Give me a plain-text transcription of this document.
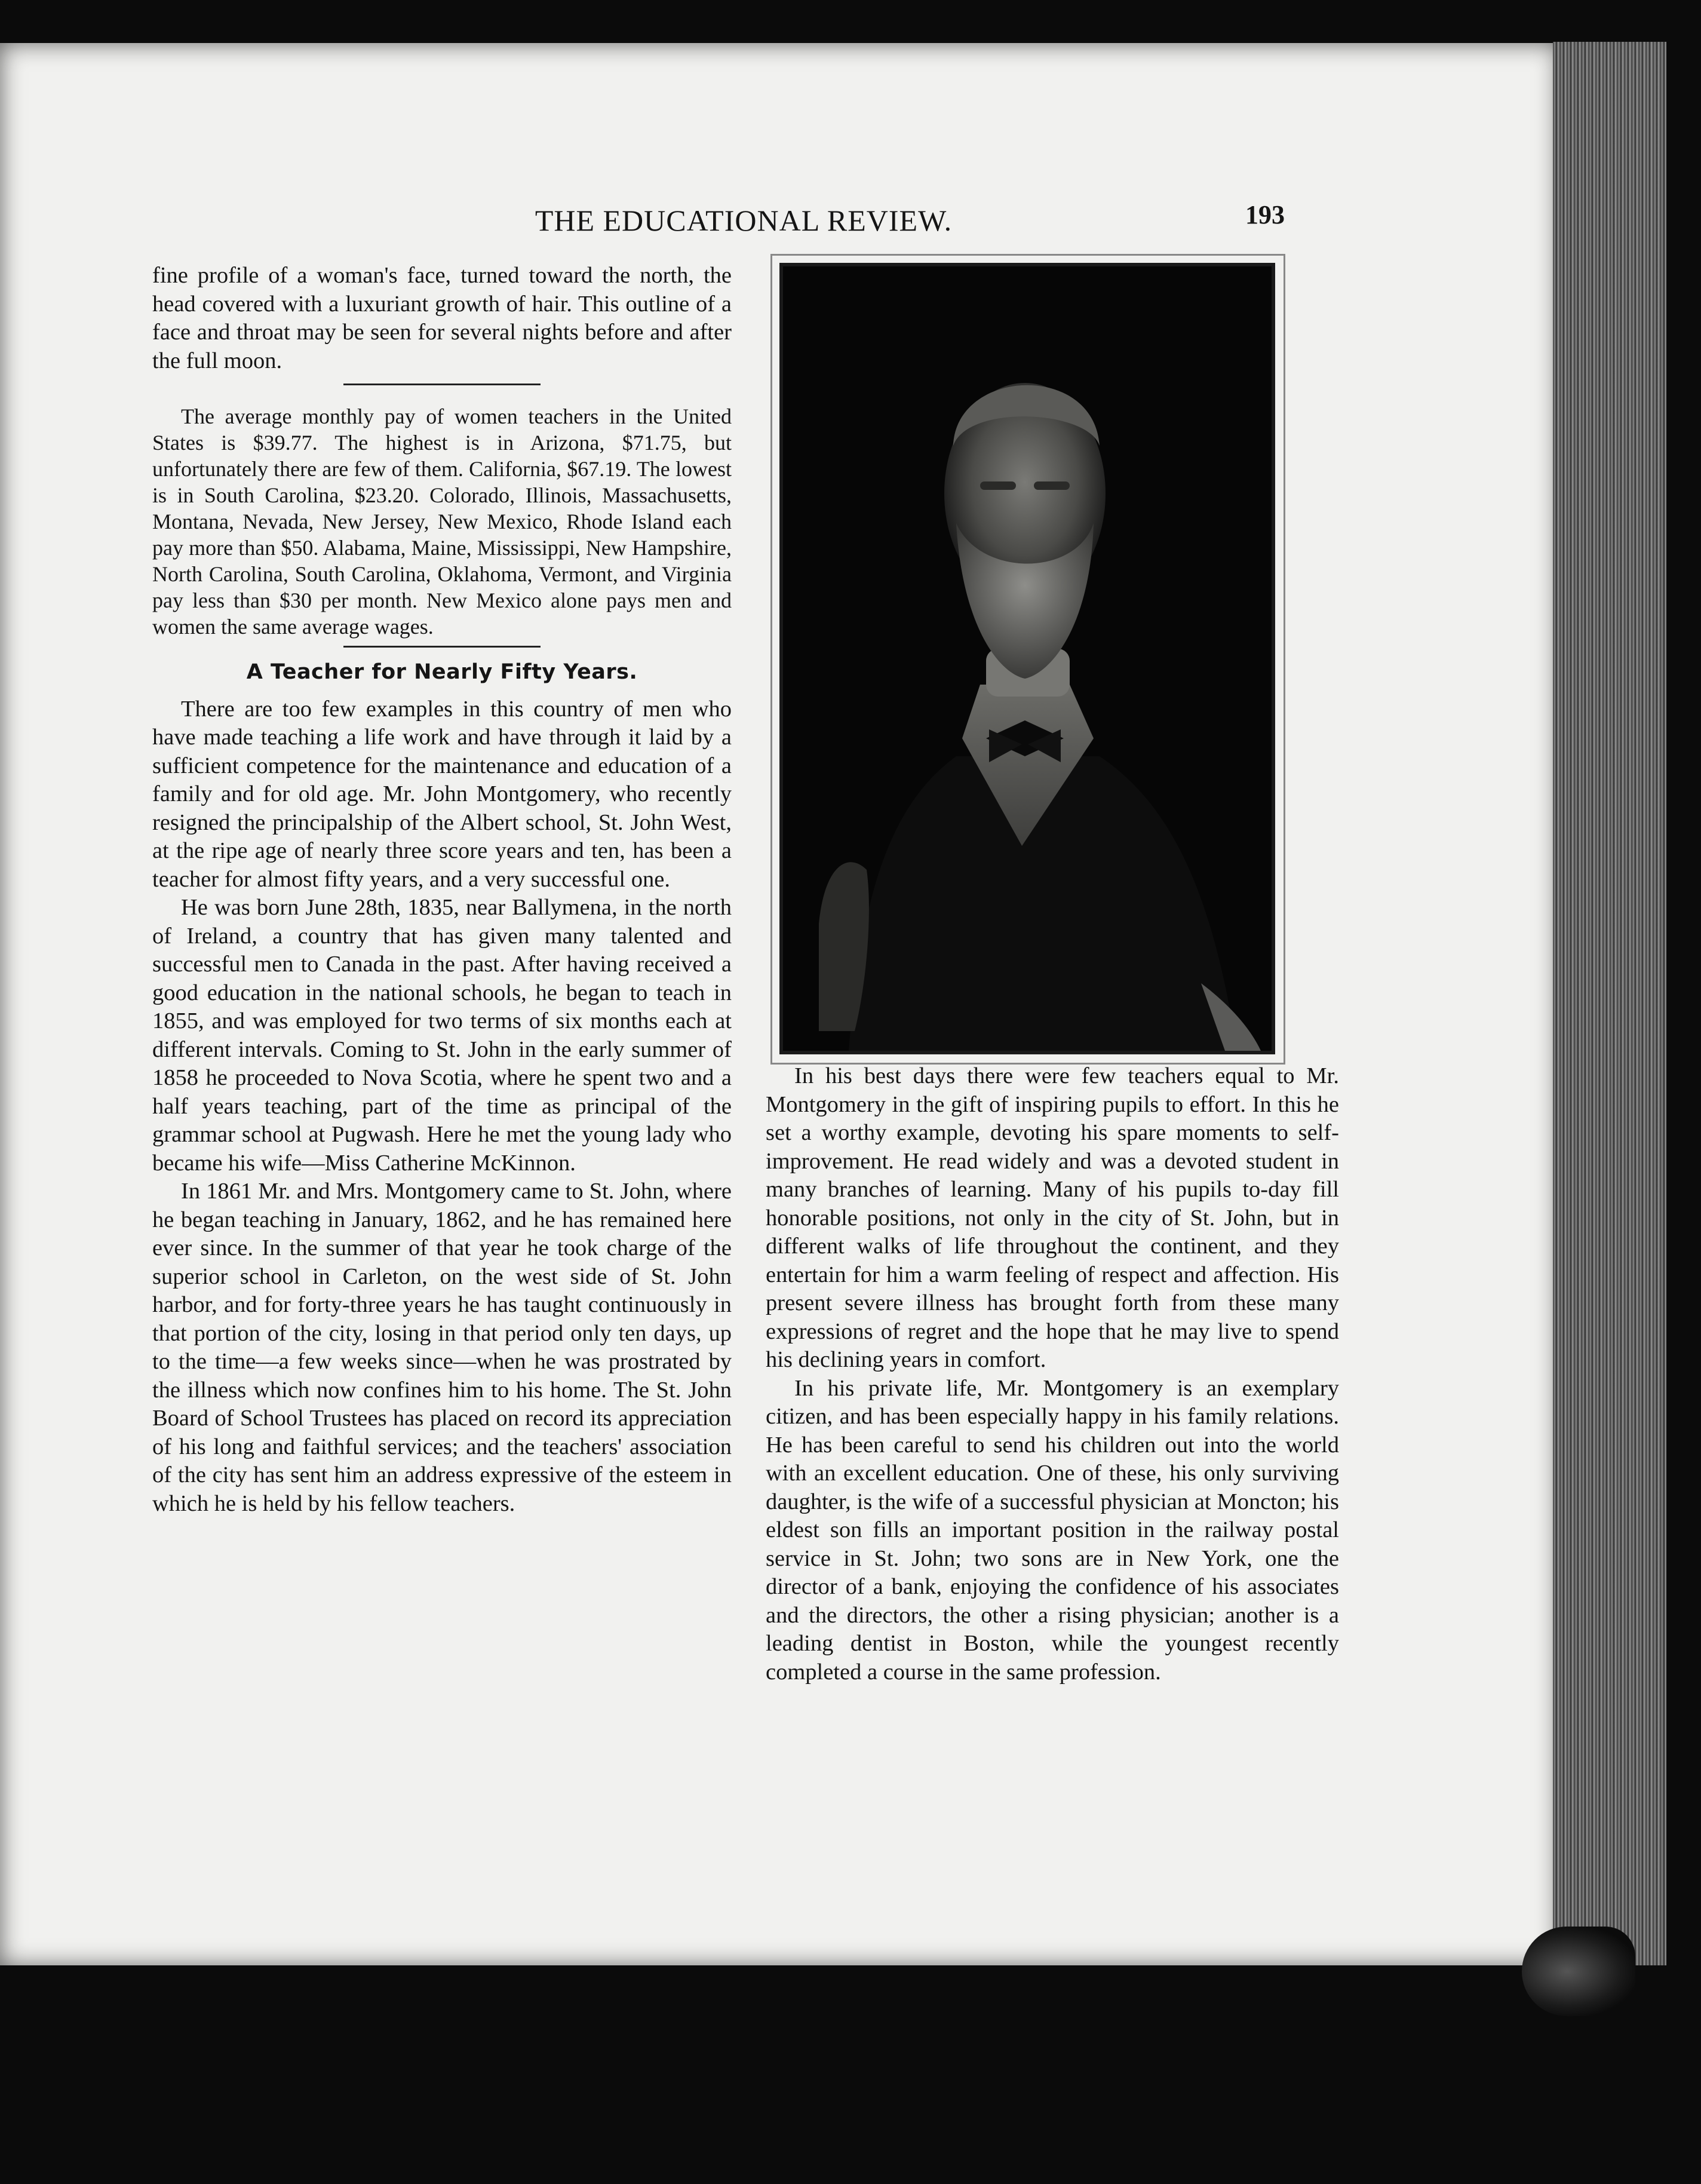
THE EDUCATIONAL REVIEW.	193

fine profile of a woman's face, turned toward the north, the head covered with a luxuriant growth of hair. This outline of a face and throat may be seen for several nights before and after the full moon.

The average monthly pay of women teachers in the United States is $39.77. The highest is in Arizona, $71.75, but unfortunately there are few of them. California, $67.19. The lowest is in South Carolina, $23.20. Colorado, Illinois, Massachusetts, Montana, Nevada, New Jersey, New Mexico, Rhode Island each pay more than $50. Alabama, Maine, Mississippi, New Hampshire, North Carolina, South Carolina, Oklahoma, Vermont, and Virginia pay less than $30 per month. New Mexico alone pays men and women the same average wages.

A Teacher for Nearly Fifty Years.

There are too few examples in this country of men who have made teaching a life work and have through it laid by a sufficient competence for the maintenance and education of a family and for old age. Mr. John Montgomery, who recently resigned the principalship of the Albert school, St. John West, at the ripe age of nearly three score years and ten, has been a teacher for almost fifty years, and a very successful one.

He was born June 28th, 1835, near Ballymena, in the north of Ireland, a country that has given many talented and successful men to Canada in the past. After having received a good education in the national schools, he began to teach in 1855, and was employed for two terms of six months each at different intervals. Coming to St. John in the early summer of 1858 he proceeded to Nova Scotia, where he spent two and a half years teaching, part of the time as principal of the grammar school at Pugwash. Here he met the young lady who became his wife—Miss Catherine McKinnon.

In 1861 Mr. and Mrs. Montgomery came to St. John, where he began teaching in January, 1862, and he has remained here ever since. In the summer of that year he took charge of the superior school in Carleton, on the west side of St. John harbor, and for forty-three years he has taught continuously in that portion of the city, losing in that period only ten days, up to the time—a few weeks since—when he was prostrated by the illness which now confines him to his home. The St. John Board of School Trustees has placed on record its appreciation of his long and faithful services; and the teachers' association of the city has sent him an address expressive of the esteem in which he is held by his fellow teachers.

In his best days there were few teachers equal to Mr. Montgomery in the gift of inspiring pupils to effort. In this he set a worthy example, devoting his spare moments to self-improvement. He read widely and was a devoted student in many branches of learning. Many of his pupils to-day fill honorable positions, not only in the city of St. John, but in different walks of life throughout the continent, and they entertain for him a warm feeling of respect and affection. His present severe illness has brought forth from these many expressions of regret and the hope that he may live to spend his declining years in comfort.

In his private life, Mr. Montgomery is an exemplary citizen, and has been especially happy in his family relations. He has been careful to send his children out into the world with an excellent education. One of these, his only surviving daughter, is the wife of a successful physician at Moncton; his eldest son fills an important position in the railway postal service in St. John; two sons are in New York, one the director of a bank, enjoying the confidence of his associates and the directors, the other a rising physician; another is a leading dentist in Boston, while the youngest recently completed a course in the same profession.
